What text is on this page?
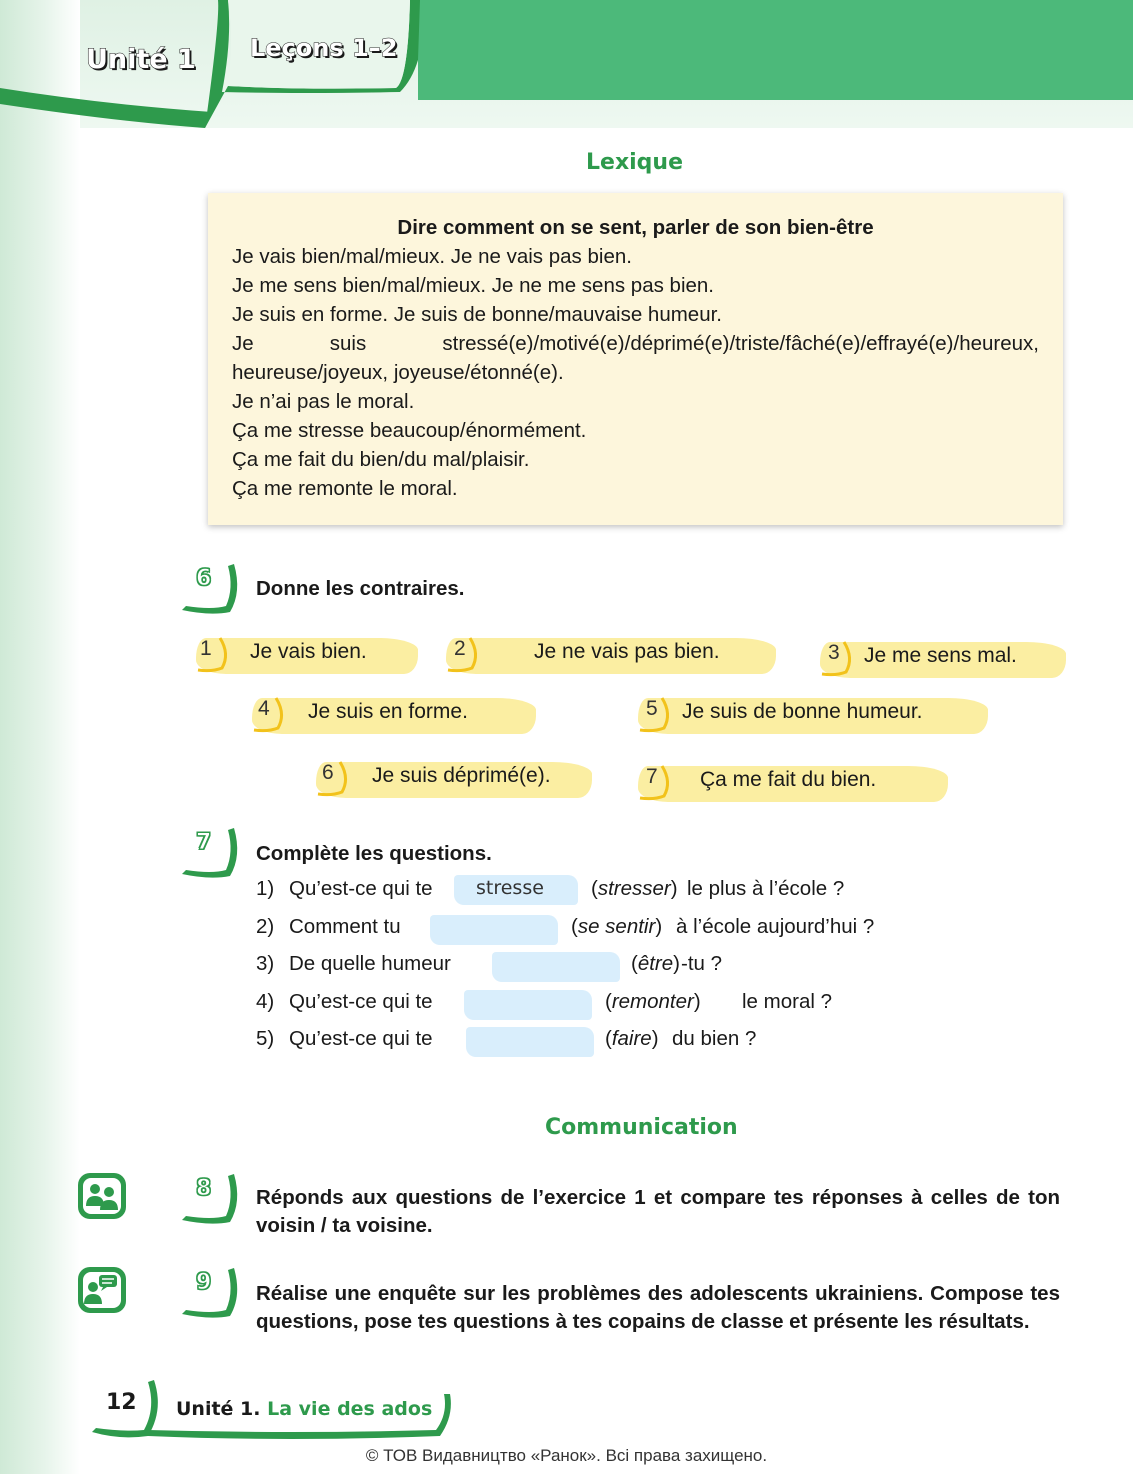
Unité 1 Leçons 1–2
Lexique
Dire comment on se sent, parler de son bien-être
Je vais bien/mal/mieux. Je ne vais pas bien.
Je me sens bien/mal/mieux. Je ne me sens pas bien.
Je suis en forme. Je suis de bonne/mauvaise humeur.
Je suis stressé(e)/motivé(e)/déprimé(e)/triste/fâché(e)/effrayé(e)/heureux,
heureuse/joyeux, joyeuse/étonné(e).
Je n’ai pas le moral.
Ça me stresse beaucoup/énormément.
Ça me fait du bien/du mal/plaisir.
Ça me remonte le moral.
6 Donne les contraires.
1 Je vais bien.	2	Je ne vais pas bien.	3 Je me sens mal.
4 Je suis en forme.	5 Je suis de bonne humeur.
6 Je suis déprimé(e).	7 Ça me fait du bien.
7 Complète les questions.
1) Qu’est-ce qui te stresse (stresser) le plus à l’école ?
2) Comment tu	(se sentir) à l’école aujourd’hui ?
3) De quelle humeur	(être) -tu ?
4) Qu’est-ce qui te	(remonter) le moral ?
5) Qu’est-ce qui te	(faire) du bien ?
Communication
8 Réponds aux questions de l’exercice 1 et compare tes réponses à celles de ton voisin / ta voisine.
9 Réalise une enquête sur les problèmes des adolescents ukrainiens. Compose tes questions, pose tes questions à tes copains de classe et présente les résultats.
12 Unité 1. La vie des ados
© ТОВ Видавництво «Ранок». Всі права захищено.
